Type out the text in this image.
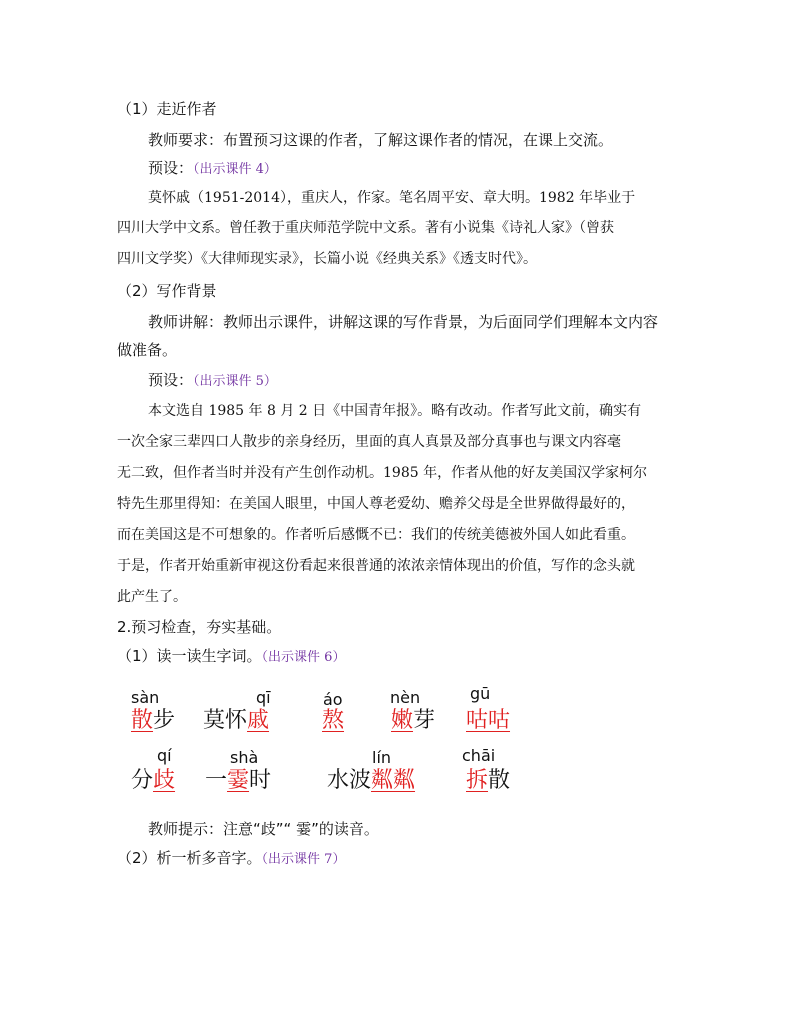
（1）走近作者
教师要求：布置预习这课的作者，了解这课作者的情况，在课上交流。
预设：（出示课件 4）
莫怀戚（1951-2014），重庆人，作家。笔名周平安、章大明。1982 年毕业于
四川大学中文系。曾任教于重庆师范学院中文系。著有小说集《诗礼人家》（曾获
四川文学奖）《大律师现实录》，长篇小说《经典关系》《透支时代》。
（2）写作背景
教师讲解：教师出示课件，讲解这课的写作背景，为后面同学们理解本文内容
做准备。
预设：（出示课件 5）
本文选自 1985 年 8 月 2 日《中国青年报》。略有改动。作者写此文前，确实有
一次全家三辈四口人散步的亲身经历，里面的真人真景及部分真事也与课文内容毫
无二致，但作者当时并没有产生创作动机。1985 年，作者从他的好友美国汉学家柯尔
特先生那里得知：在美国人眼里，中国人尊老爱幼、赡养父母是全世界做得最好的，
而在美国这是不可想象的。作者听后感慨不已：我们的传统美德被外国人如此看重。
于是，作者开始重新审视这份看起来很普通的浓浓亲情体现出的价值，写作的念头就
此产生了。
2.预习检查，夯实基础。
（1）读一读生字词。（出示课件 6）
sàn
散步
qī
莫怀戚
áo
熬
nèn
嫩芽
gū
咕咕
qí
分歧
shà
一霎时
lín
水波粼粼
chāi
拆散
教师提示：注意“歧”“ 霎”的读音。
（2）析一析多音字。（出示课件 7）
